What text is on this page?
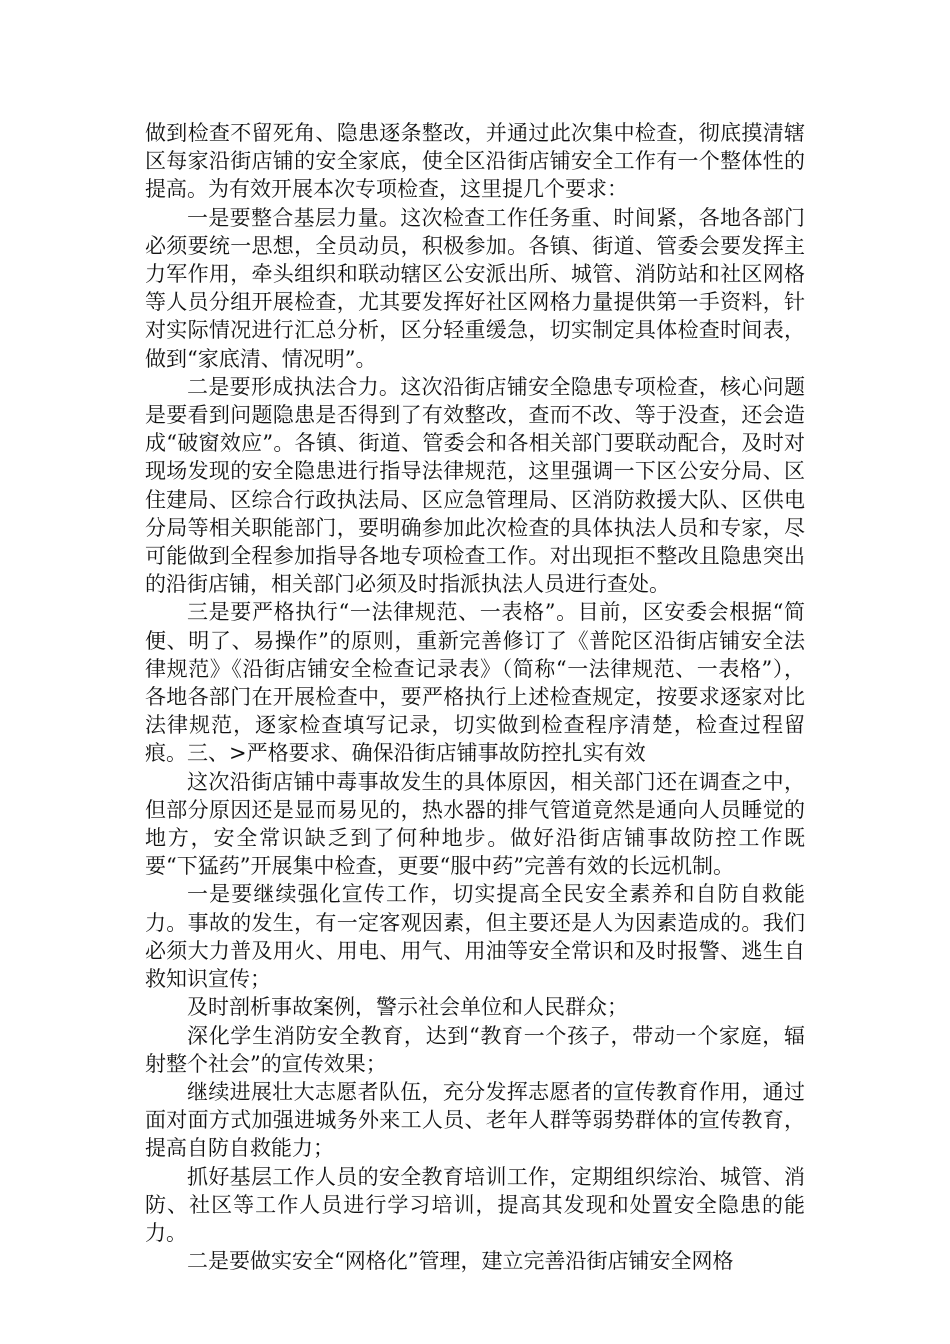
做到检查不留死角、隐患逐条整改，并通过此次集中检查，彻底摸清辖区每家沿街店铺的安全家底，使全区沿街店铺安全工作有一个整体性的提高。为有效开展本次专项检查，这里提几个要求：

一是要整合基层力量。这次检查工作任务重、时间紧，各地各部门必须要统一思想，全员动员，积极参加。各镇、街道、管委会要发挥主力军作用，牵头组织和联动辖区公安派出所、城管、消防站和社区网格等人员分组开展检查，尤其要发挥好社区网格力量提供第一手资料，针对实际情况进行汇总分析，区分轻重缓急，切实制定具体检查时间表，做到“家底清、情况明”。

二是要形成执法合力。这次沿街店铺安全隐患专项检查，核心问题是要看到问题隐患是否得到了有效整改，查而不改、等于没查，还会造成“破窗效应”。各镇、街道、管委会和各相关部门要联动配合，及时对现场发现的安全隐患进行指导法律规范，这里强调一下区公安分局、区住建局、区综合行政执法局、区应急管理局、区消防救援大队、区供电分局等相关职能部门，要明确参加此次检查的具体执法人员和专家，尽可能做到全程参加指导各地专项检查工作。对出现拒不整改且隐患突出的沿街店铺，相关部门必须及时指派执法人员进行查处。

三是要严格执行“一法律规范、一表格”。目前，区安委会根据“简便、明了、易操作”的原则，重新完善修订了《普陀区沿街店铺安全法律规范》《沿街店铺安全检查记录表》（简称“一法律规范、一表格”），各地各部门在开展检查中，要严格执行上述检查规定，按要求逐家对比法律规范，逐家检查填写记录，切实做到检查程序清楚，检查过程留痕。三、>严格要求、确保沿街店铺事故防控扎实有效

这次沿街店铺中毒事故发生的具体原因，相关部门还在调查之中，但部分原因还是显而易见的，热水器的排气管道竟然是通向人员睡觉的地方，安全常识缺乏到了何种地步。做好沿街店铺事故防控工作既要“下猛药”开展集中检查，更要“服中药”完善有效的长远机制。

一是要继续强化宣传工作，切实提高全民安全素养和自防自救能力。事故的发生，有一定客观因素，但主要还是人为因素造成的。我们必须大力普及用火、用电、用气、用油等安全常识和及时报警、逃生自救知识宣传；

及时剖析事故案例，警示社会单位和人民群众；

深化学生消防安全教育，达到“教育一个孩子，带动一个家庭，辐射整个社会”的宣传效果；

继续进展壮大志愿者队伍，充分发挥志愿者的宣传教育作用，通过面对面方式加强进城务外来工人员、老年人群等弱势群体的宣传教育，提高自防自救能力；

抓好基层工作人员的安全教育培训工作，定期组织综治、城管、消防、社区等工作人员进行学习培训，提高其发现和处置安全隐患的能力。

二是要做实安全“网格化”管理，建立完善沿街店铺安全网格
